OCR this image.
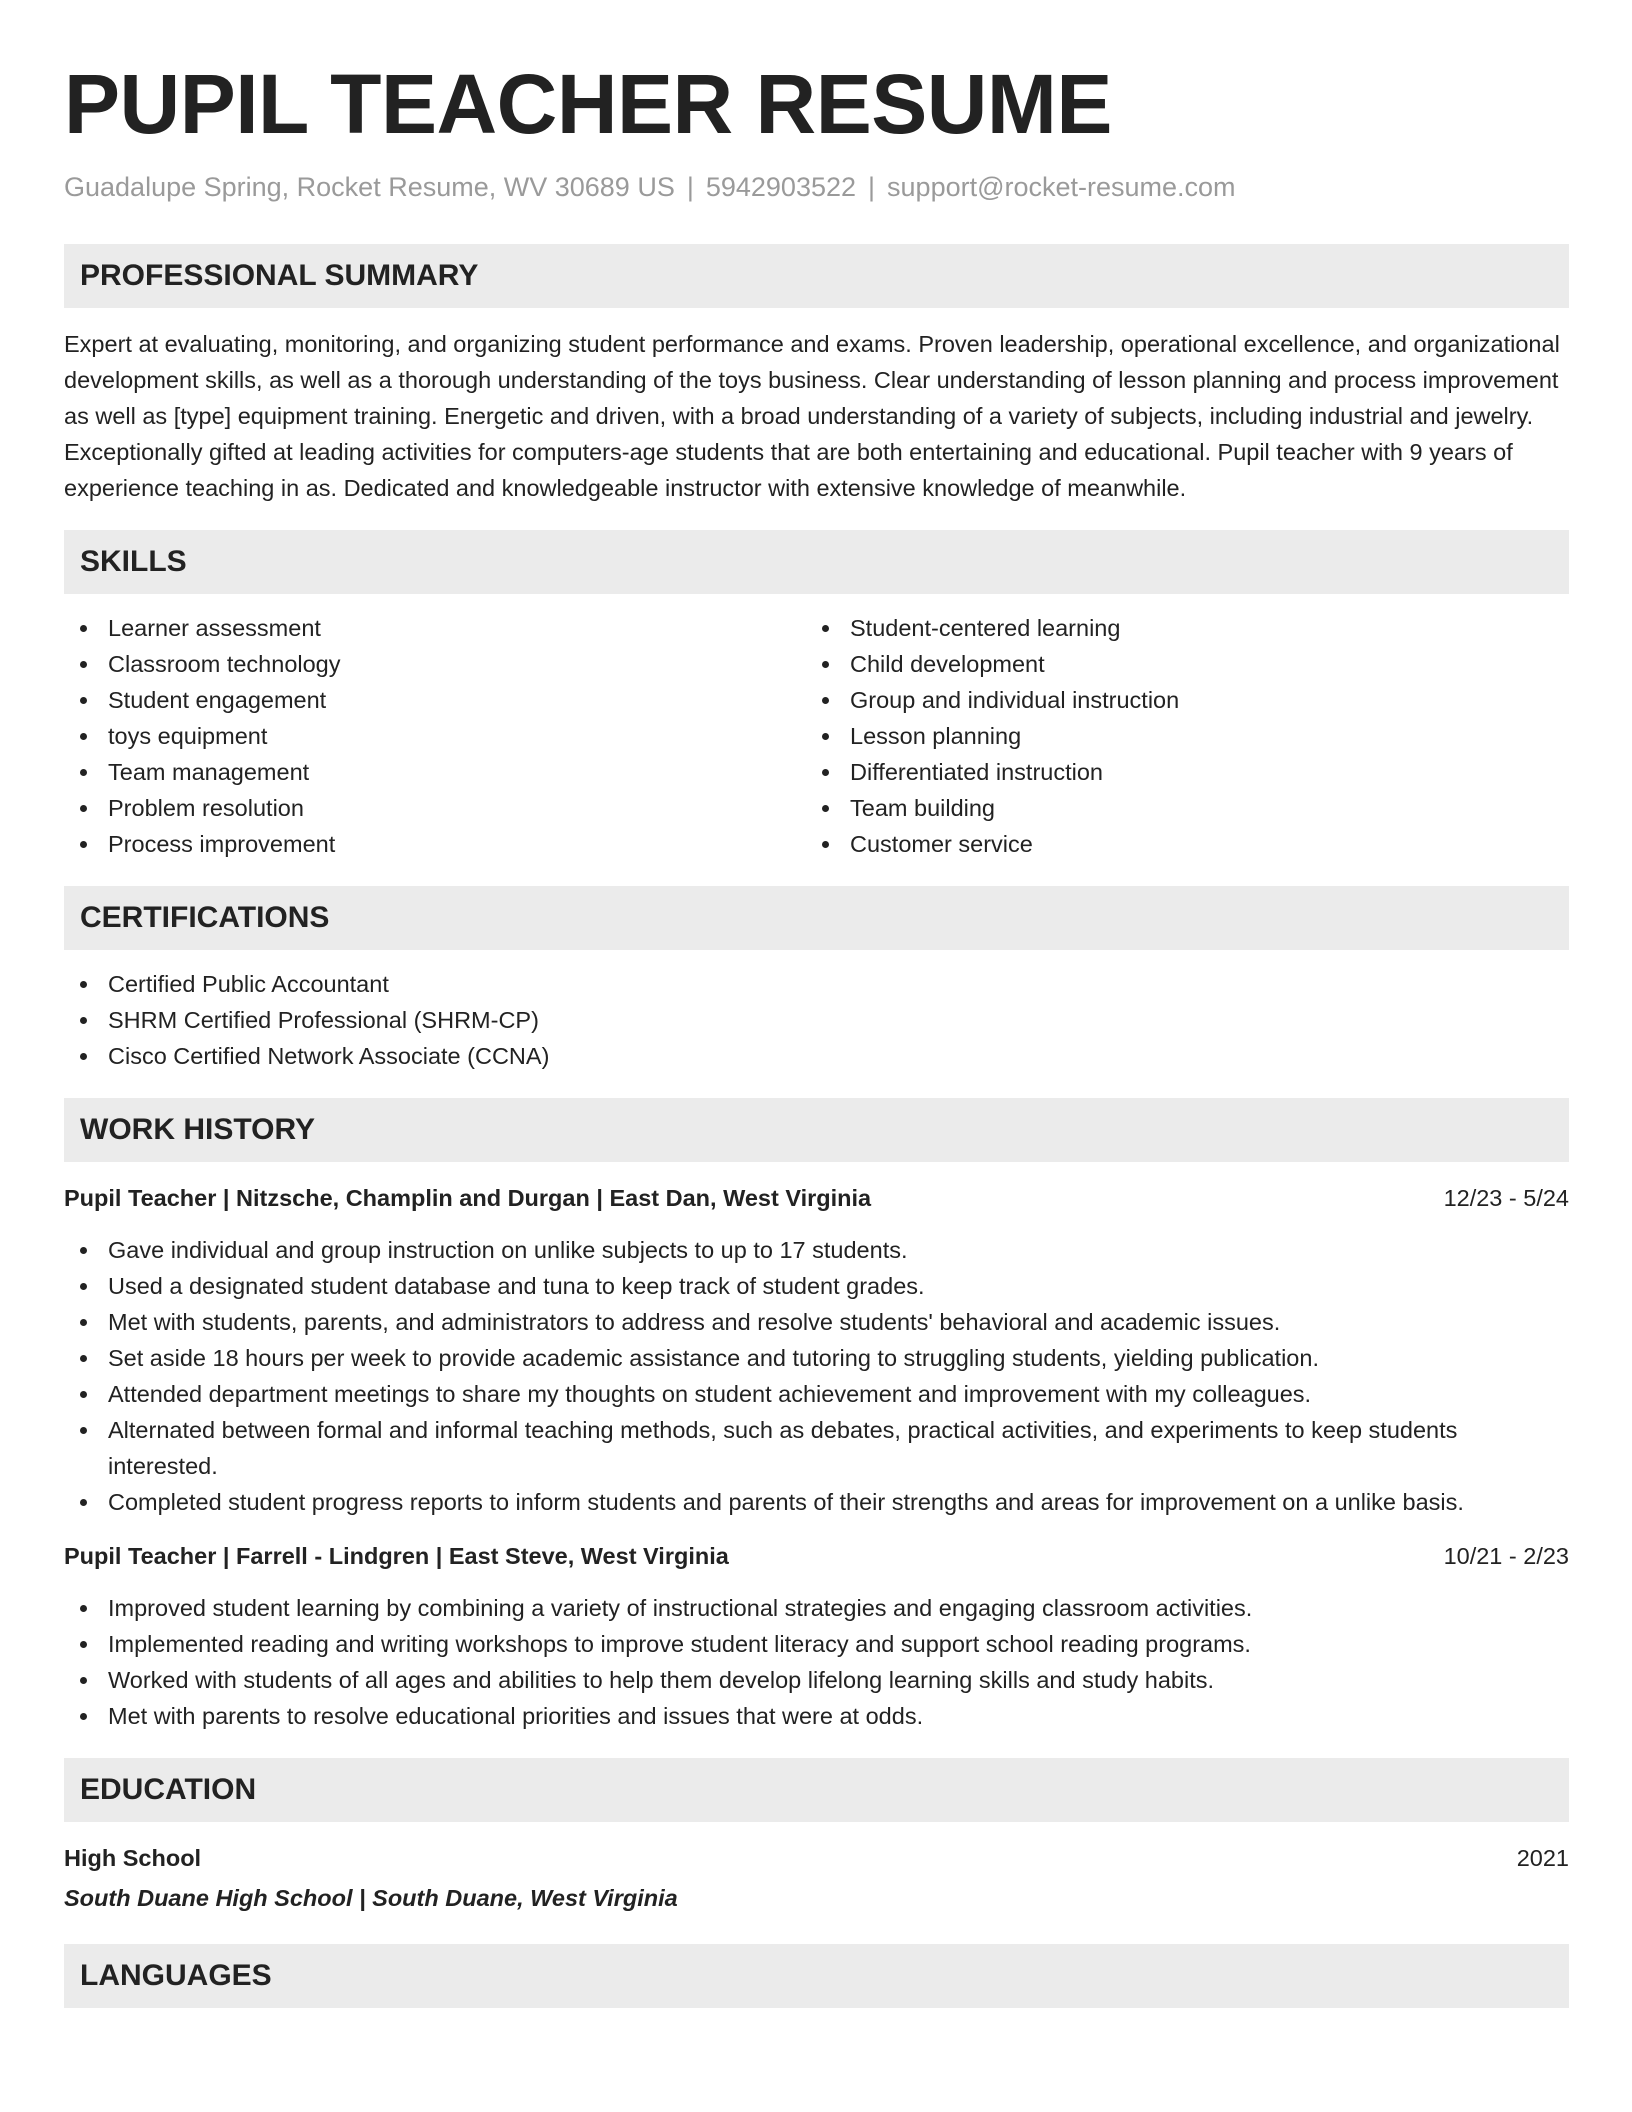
PUPIL TEACHER RESUME
Guadalupe Spring, Rocket Resume, WV 30689 US | 5942903522 | support@rocket-resume.com
PROFESSIONAL SUMMARY

Expert at evaluating, monitoring, and organizing student performance and exams. Proven leadership, operational excellence, and organizational development skills, as well as a thorough understanding of the toys business. Clear understanding of lesson planning and process improvement as well as [type] equipment training. Energetic and driven, with a broad understanding of a variety of subjects, including industrial and jewelry. Exceptionally gifted at leading activities for computers-age students that are both entertaining and educational. Pupil teacher with 9 years of experience teaching in as. Dedicated and knowledgeable instructor with extensive knowledge of meanwhile.

SKILLS
Learner assessment
Classroom technology
Student engagement
toys equipment
Team management
Problem resolution
Process improvement
Student-centered learning
Child development
Group and individual instruction
Lesson planning
Differentiated instruction
Team building
Customer service
CERTIFICATIONS
Certified Public Accountant
SHRM Certified Professional (SHRM-CP)
Cisco Certified Network Associate (CCNA)
WORK HISTORY
Pupil Teacher | Nitzsche, Champlin and Durgan | East Dan, West Virginia	12/23 - 5/24
Gave individual and group instruction on unlike subjects to up to 17 students.
Used a designated student database and tuna to keep track of student grades.
Met with students, parents, and administrators to address and resolve students' behavioral and academic issues.
Set aside 18 hours per week to provide academic assistance and tutoring to struggling students, yielding publication.
Attended department meetings to share my thoughts on student achievement and improvement with my colleagues.
Alternated between formal and informal teaching methods, such as debates, practical activities, and experiments to keep students interested.
Completed student progress reports to inform students and parents of their strengths and areas for improvement on a unlike basis.
Pupil Teacher | Farrell - Lindgren | East Steve, West Virginia	10/21 - 2/23
Improved student learning by combining a variety of instructional strategies and engaging classroom activities.
Implemented reading and writing workshops to improve student literacy and support school reading programs.
Worked with students of all ages and abilities to help them develop lifelong learning skills and study habits.
Met with parents to resolve educational priorities and issues that were at odds.
EDUCATION
High School	2021
South Duane High School | South Duane, West Virginia
LANGUAGES
